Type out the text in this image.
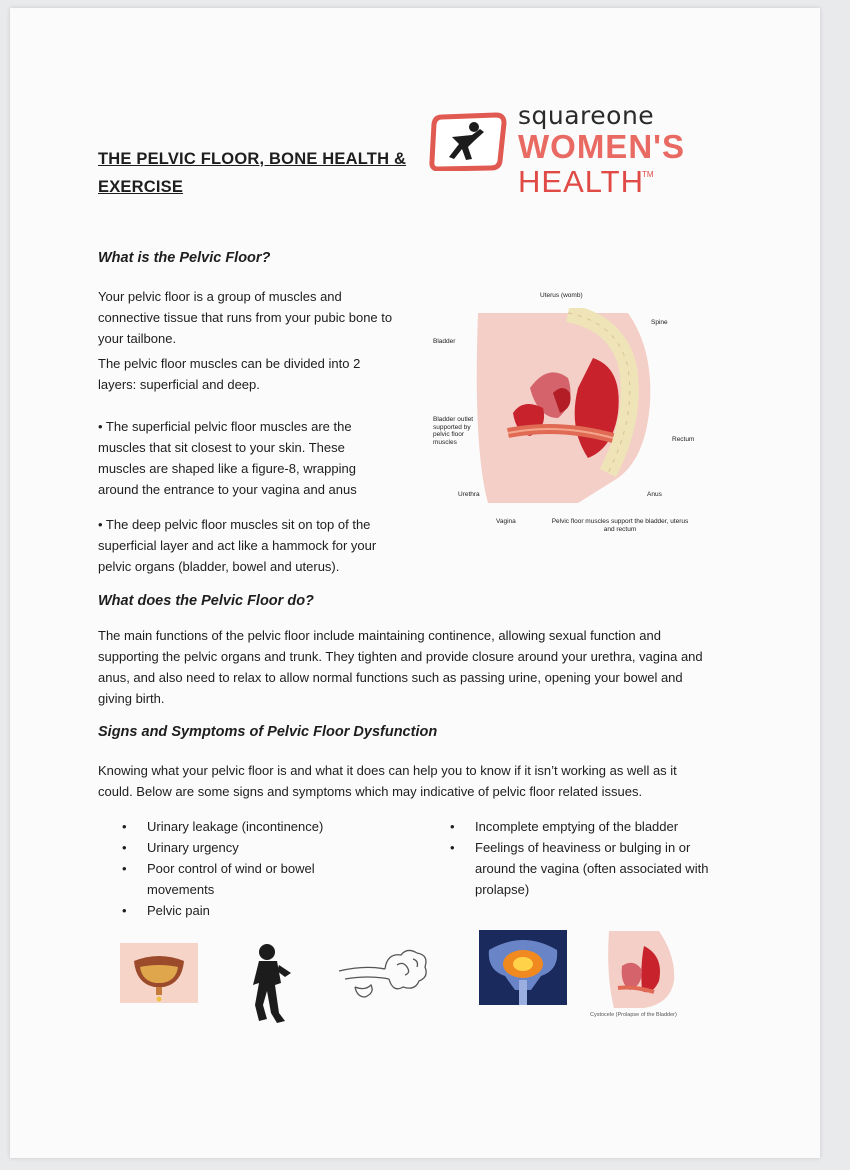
THE PELVIC FLOOR, BONE HEALTH & EXERCISE
squareone
WOMEN'S
HEALTH
TM
What is the Pelvic Floor?
Your pelvic floor is a group of muscles and connective tissue that runs from your pubic bone to your tailbone.
The pelvic floor muscles can be divided into 2 layers: superficial and deep.
• The superficial pelvic floor muscles are the muscles that sit closest to your skin. These muscles are shaped like a figure-8, wrapping around the entrance to your vagina and anus
• The deep pelvic floor muscles sit on top of the superficial layer and act like a hammock for your pelvic organs (bladder, bowel and uterus).
Uterus (womb)
Spine
Bladder
Bladder outlet supported by pelvic floor muscles	Rectum
Anus
Urethra
Vagina	Pelvic floor muscles support the bladder, uterus and rectum
What does the Pelvic Floor do?
The main functions of the pelvic floor include maintaining continence, allowing sexual function and supporting the pelvic organs and trunk. They tighten and provide closure around your urethra, vagina and anus, and also need to relax to allow normal functions such as passing urine, opening your bowel and giving birth.
Signs and Symptoms of Pelvic Floor Dysfunction
Knowing what your pelvic floor is and what it does can help you to know if it isn’t working as well as it could. Below are some signs and symptoms which may indicative of pelvic floor related issues.
• Urinary leakage (incontinence)
• Urinary urgency
• Poor control of wind or bowel movements
• Pelvic pain
• Incomplete emptying of the bladder
• Feelings of heaviness or bulging in or around the vagina (often associated with prolapse)
Cystocele (Prolapse of the Bladder)
